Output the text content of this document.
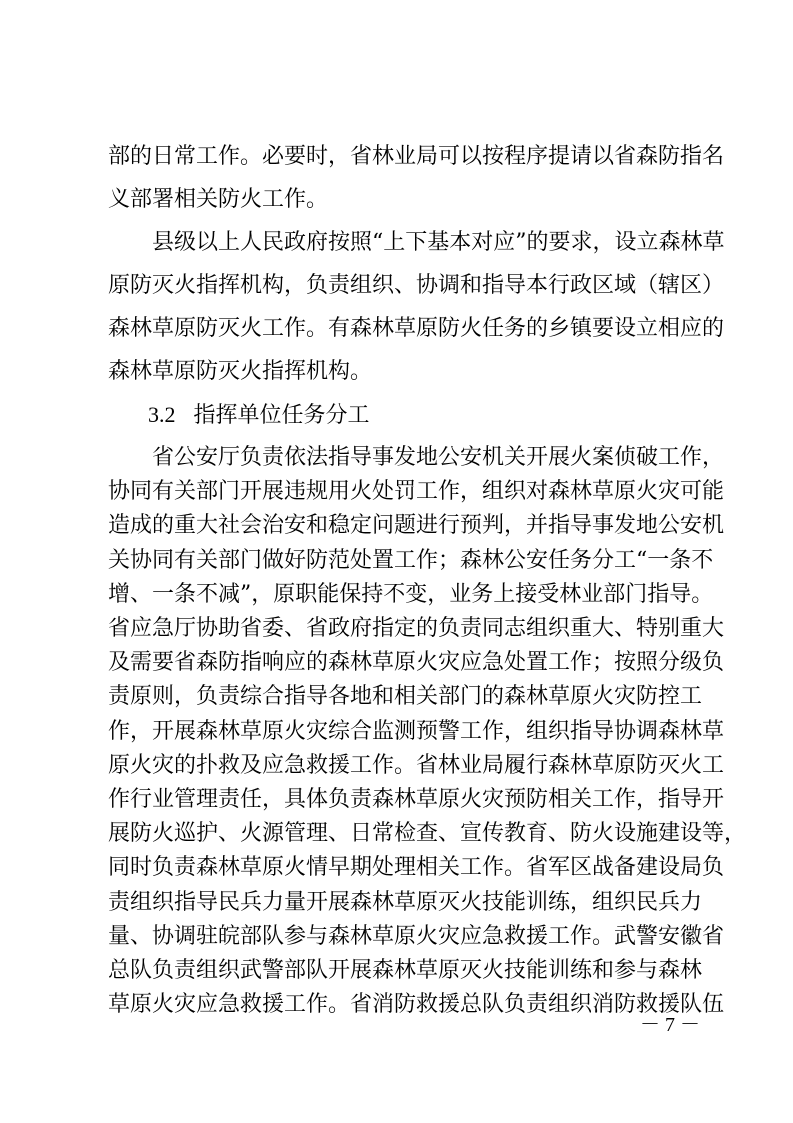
部的日常工作。必要时，省林业局可以按程序提请以省森防指名
义部署相关防火工作。
县级以上人民政府按照“上下基本对应”的要求，设立森林草
原防灭火指挥机构，负责组织、协调和指导本行政区域（辖区）
森林草原防灭火工作。有森林草原防火任务的乡镇要设立相应的
森林草原防灭火指挥机构。
3.2 指挥单位任务分工
省公安厅负责依法指导事发地公安机关开展火案侦破工作，
协同有关部门开展违规用火处罚工作，组织对森林草原火灾可能
造成的重大社会治安和稳定问题进行预判，并指导事发地公安机
关协同有关部门做好防范处置工作；森林公安任务分工“一条不
增、一条不减”，原职能保持不变，业务上接受林业部门指导。
省应急厅协助省委、省政府指定的负责同志组织重大、特别重大
及需要省森防指响应的森林草原火灾应急处置工作；按照分级负
责原则，负责综合指导各地和相关部门的森林草原火灾防控工
作，开展森林草原火灾综合监测预警工作，组织指导协调森林草
原火灾的扑救及应急救援工作。省林业局履行森林草原防灭火工
作行业管理责任，具体负责森林草原火灾预防相关工作，指导开
展防火巡护、火源管理、日常检查、宣传教育、防火设施建设等，
同时负责森林草原火情早期处理相关工作。省军区战备建设局负
责组织指导民兵力量开展森林草原灭火技能训练，组织民兵力
量、协调驻皖部队参与森林草原火灾应急救援工作。武警安徽省
总队负责组织武警部队开展森林草原灭火技能训练和参与森林
－ 7 －
草原火灾应急救援工作。省消防救援总队负责组织消防救援队伍
